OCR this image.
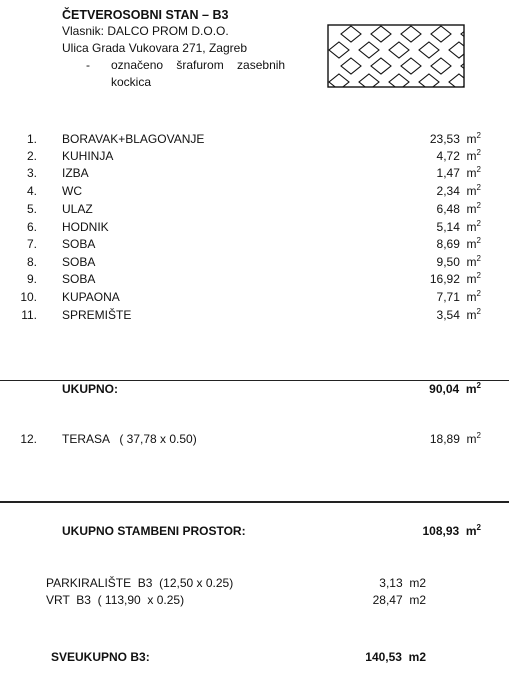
ČETVEROSOBNI STAN – B3
Vlasnik: DALCO PROM D.O.O.
Ulica Grada Vukovara 271, Zagreb
- označeno    šrafurom    zasebnih
kockica
1. BORAVAK+BLAGOVANJE	23,53 $m^2$
2. KUHINJA	4,72 $m^2$
3. IZBA	1,47 $m^2$
4. WC	2,34 $m^2$
5. ULAZ	6,48 $m^2$
6. HODNIK	5,14 $m^2$
7. SOBA	8,69 $m^2$
8. SOBA	9,50 $m^2$
9. SOBA	16,92 $m^2$
10. KUPAONA	7,71 $m^2$
11. SPREMIŠTE	3,54 $m^2$
UKUPNO:	90,04 $m^2$
12. TERASA   ( 37,78 x 0.50)	18,89 $m^2$
UKUPNO STAMBENI PROSTOR:	108,93 $m^2$
PARKIRALIŠTE  B3  (12,50 x 0.25)	3,13 m2
VRT  B3  ( 113,90  x 0.25)	28,47 m2
SVEUKUPNO B3:	140,53 m2
